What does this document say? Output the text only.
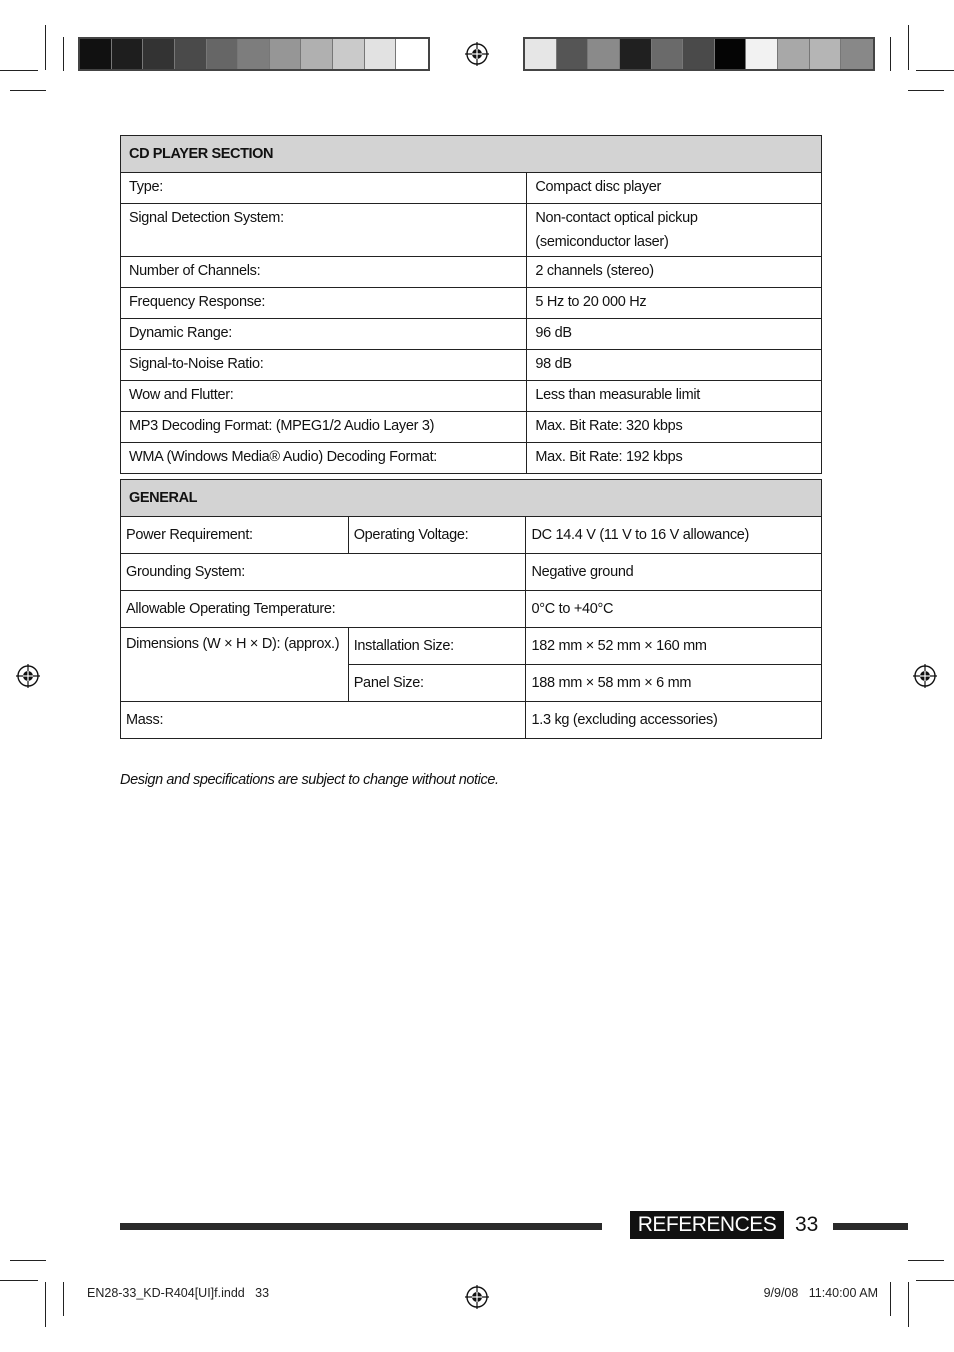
CD PLAYER SECTION	
Type:	Compact disc player
Signal Detection System:	Non-contact optical pickup
(semiconductor laser)

Number of Channels:	2 channels (stereo)
Frequency Response:	5 Hz to 20 000 Hz
Dynamic Range:	96 dB
Signal-to-Noise Ratio:	98 dB
Wow and Flutter:	Less than measurable limit
MP3 Decoding Format: (MPEG1/2 Audio Layer 3)	Max. Bit Rate: 320 kbps
WMA (Windows Media® Audio) Decoding Format:	Max. Bit Rate: 192 kbps
GENERAL		
Power Requirement:	Operating Voltage:	DC 14.4 V (11 V to 16 V allowance)
Grounding System:		Negative ground
Allowable Operating Temperature:		0°C to +40°C
Dimensions (W × H × D): (approx.)	Installation Size:	182 mm × 52 mm × 160 mm
	Panel Size:	188 mm × 58 mm × 6 mm
Mass:		1.3 kg (excluding accessories)
Design and specifications are subject to change without notice.
REFERENCES 33
EN28-33_KD-R404[UI]f.indd   33	9/9/08   11:40:00 AM
